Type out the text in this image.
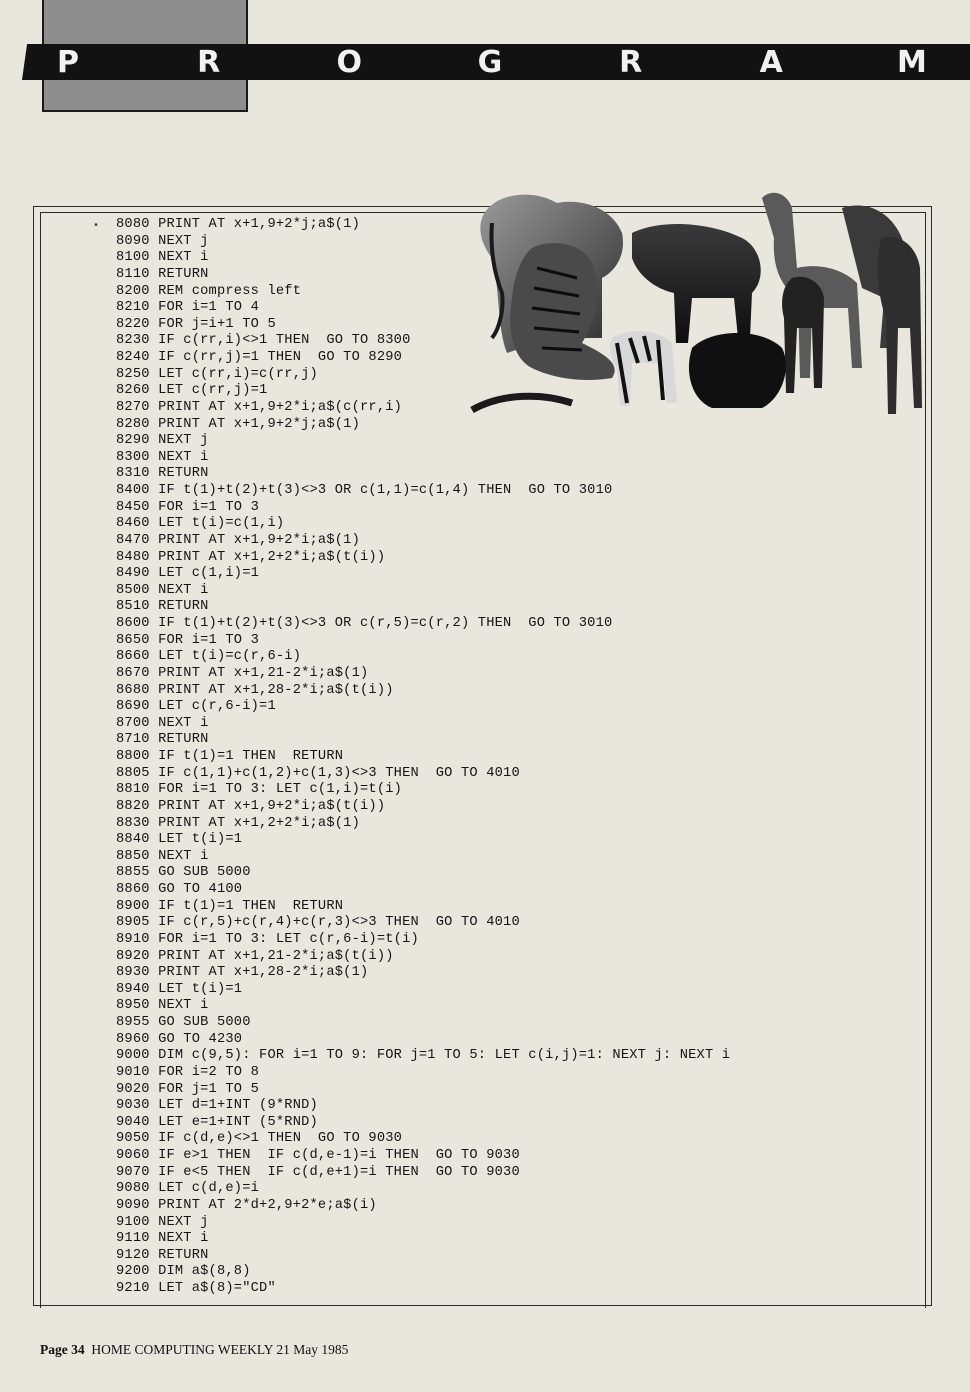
P	R	O	G	R	A	M
• 8080 PRINT AT x+1,9+2*j;a$(1)
8090 NEXT j
8100 NEXT i
8110 RETURN
8200 REM compress left
8210 FOR i=1 TO 4
8220 FOR j=i+1 TO 5
8230 IF c(rr,i)<>1 THEN  GO TO 8300
8240 IF c(rr,j)=1 THEN  GO TO 8290
8250 LET c(rr,i)=c(rr,j)
8260 LET c(rr,j)=1
8270 PRINT AT x+1,9+2*i;a$(c(rr,i)
8280 PRINT AT x+1,9+2*j;a$(1)
8290 NEXT j
8300 NEXT i
8310 RETURN
8400 IF t(1)+t(2)+t(3)<>3 OR c(1,1)=c(1,4) THEN  GO TO 3010
8450 FOR i=1 TO 3
8460 LET t(i)=c(1,i)
8470 PRINT AT x+1,9+2*i;a$(1)
8480 PRINT AT x+1,2+2*i;a$(t(i))
8490 LET c(1,i)=1
8500 NEXT i
8510 RETURN
8600 IF t(1)+t(2)+t(3)<>3 OR c(r,5)=c(r,2) THEN  GO TO 3010
8650 FOR i=1 TO 3
8660 LET t(i)=c(r,6-i)
8670 PRINT AT x+1,21-2*i;a$(1)
8680 PRINT AT x+1,28-2*i;a$(t(i))
8690 LET c(r,6-i)=1
8700 NEXT i
8710 RETURN
8800 IF t(1)=1 THEN  RETURN
8805 IF c(1,1)+c(1,2)+c(1,3)<>3 THEN  GO TO 4010
8810 FOR i=1 TO 3: LET c(1,i)=t(i)
8820 PRINT AT x+1,9+2*i;a$(t(i))
8830 PRINT AT x+1,2+2*i;a$(1)
8840 LET t(i)=1
8850 NEXT i
8855 GO SUB 5000
8860 GO TO 4100
8900 IF t(1)=1 THEN  RETURN
8905 IF c(r,5)+c(r,4)+c(r,3)<>3 THEN  GO TO 4010
8910 FOR i=1 TO 3: LET c(r,6-i)=t(i)
8920 PRINT AT x+1,21-2*i;a$(t(i))
8930 PRINT AT x+1,28-2*i;a$(1)
8940 LET t(i)=1
8950 NEXT i
8955 GO SUB 5000
8960 GO TO 4230
9000 DIM c(9,5): FOR i=1 TO 9: FOR j=1 TO 5: LET c(i,j)=1: NEXT j: NEXT i
9010 FOR i=2 TO 8
9020 FOR j=1 TO 5
9030 LET d=1+INT (9*RND)
9040 LET e=1+INT (5*RND)
9050 IF c(d,e)<>1 THEN  GO TO 9030
9060 IF e>1 THEN  IF c(d,e-1)=i THEN  GO TO 9030
9070 IF e<5 THEN  IF c(d,e+1)=i THEN  GO TO 9030
9080 LET c(d,e)=i
9090 PRINT AT 2*d+2,9+2*e;a$(i)
9100 NEXT j
9110 NEXT i
9120 RETURN
9200 DIM a$(8,8)
9210 LET a$(8)="CD"
Page 34 HOME COMPUTING WEEKLY 21 May 1985
